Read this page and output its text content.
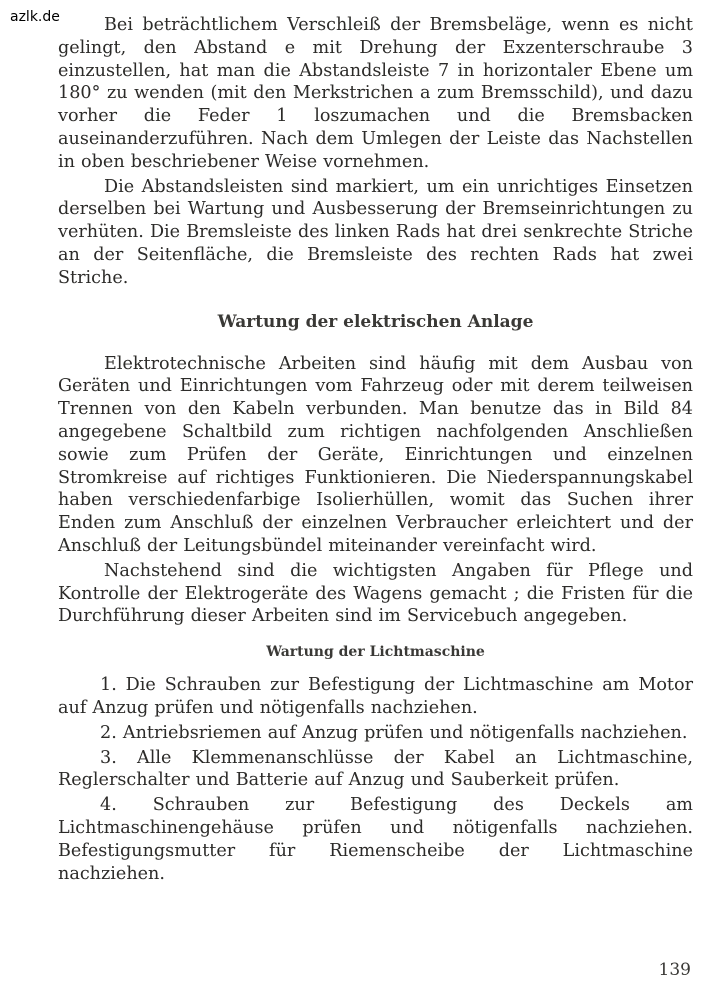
azlk.de	Bei beträchtlichem Verschleiß der Bremsbeläge, wenn es nicht gelingt, den Abstand e mit Drehung der Exzenterschraube 3 einzustellen, hat man die Abstandsleiste 7 in horizontaler Ebene um 180° zu wenden (mit den Merkstrichen a zum Bremsschild), und dazu vorher die Feder 1 loszumachen und die Bremsbacken auseinanderzuführen. Nach dem Umlegen der Leiste das Nachstellen in oben beschriebener Weise vornehmen.

Die Abstandsleisten sind markiert, um ein unrichtiges Einsetzen derselben bei Wartung und Ausbesserung der Bremseinrichtungen zu verhüten. Die Bremsleiste des linken Rads hat drei senkrechte Striche an der Seitenfläche, die Bremsleiste des rechten Rads hat zwei Striche.

Wartung der elektrischen Anlage

Elektrotechnische Arbeiten sind häufig mit dem Ausbau von Geräten und Einrichtungen vom Fahrzeug oder mit derem teilweisen Trennen von den Kabeln verbunden. Man benutze das in Bild 84 angegebene Schaltbild zum richtigen nachfolgenden Anschließen sowie zum Prüfen der Geräte, Einrichtungen und einzelnen Stromkreise auf richtiges Funktionieren. Die Niederspannungskabel haben verschiedenfarbige Isolierhüllen, womit das Suchen ihrer Enden zum Anschluß der einzelnen Verbraucher erleichtert und der Anschluß der Leitungsbündel miteinander vereinfacht wird.

Nachstehend sind die wichtigsten Angaben für Pflege und Kontrolle der Elektrogeräte des Wagens gemacht ; die Fristen für die Durchführung dieser Arbeiten sind im Servicebuch angegeben.

Wartung der Lichtmaschine

1. Die Schrauben zur Befestigung der Lichtmaschine am Motor auf Anzug prüfen und nötigenfalls nachziehen.

2. Antriebsriemen auf Anzug prüfen und nötigenfalls nachziehen.

3. Alle Klemmenanschlüsse der Kabel an Lichtmaschine, Reglerschalter und Batterie auf Anzug und Sauberkeit prüfen.

4. Schrauben zur Befestigung des Deckels am Lichtmaschinengehäuse prüfen und nötigenfalls nachziehen. Befestigungsmutter für Riemenscheibe der Lichtmaschine nachziehen.

139
